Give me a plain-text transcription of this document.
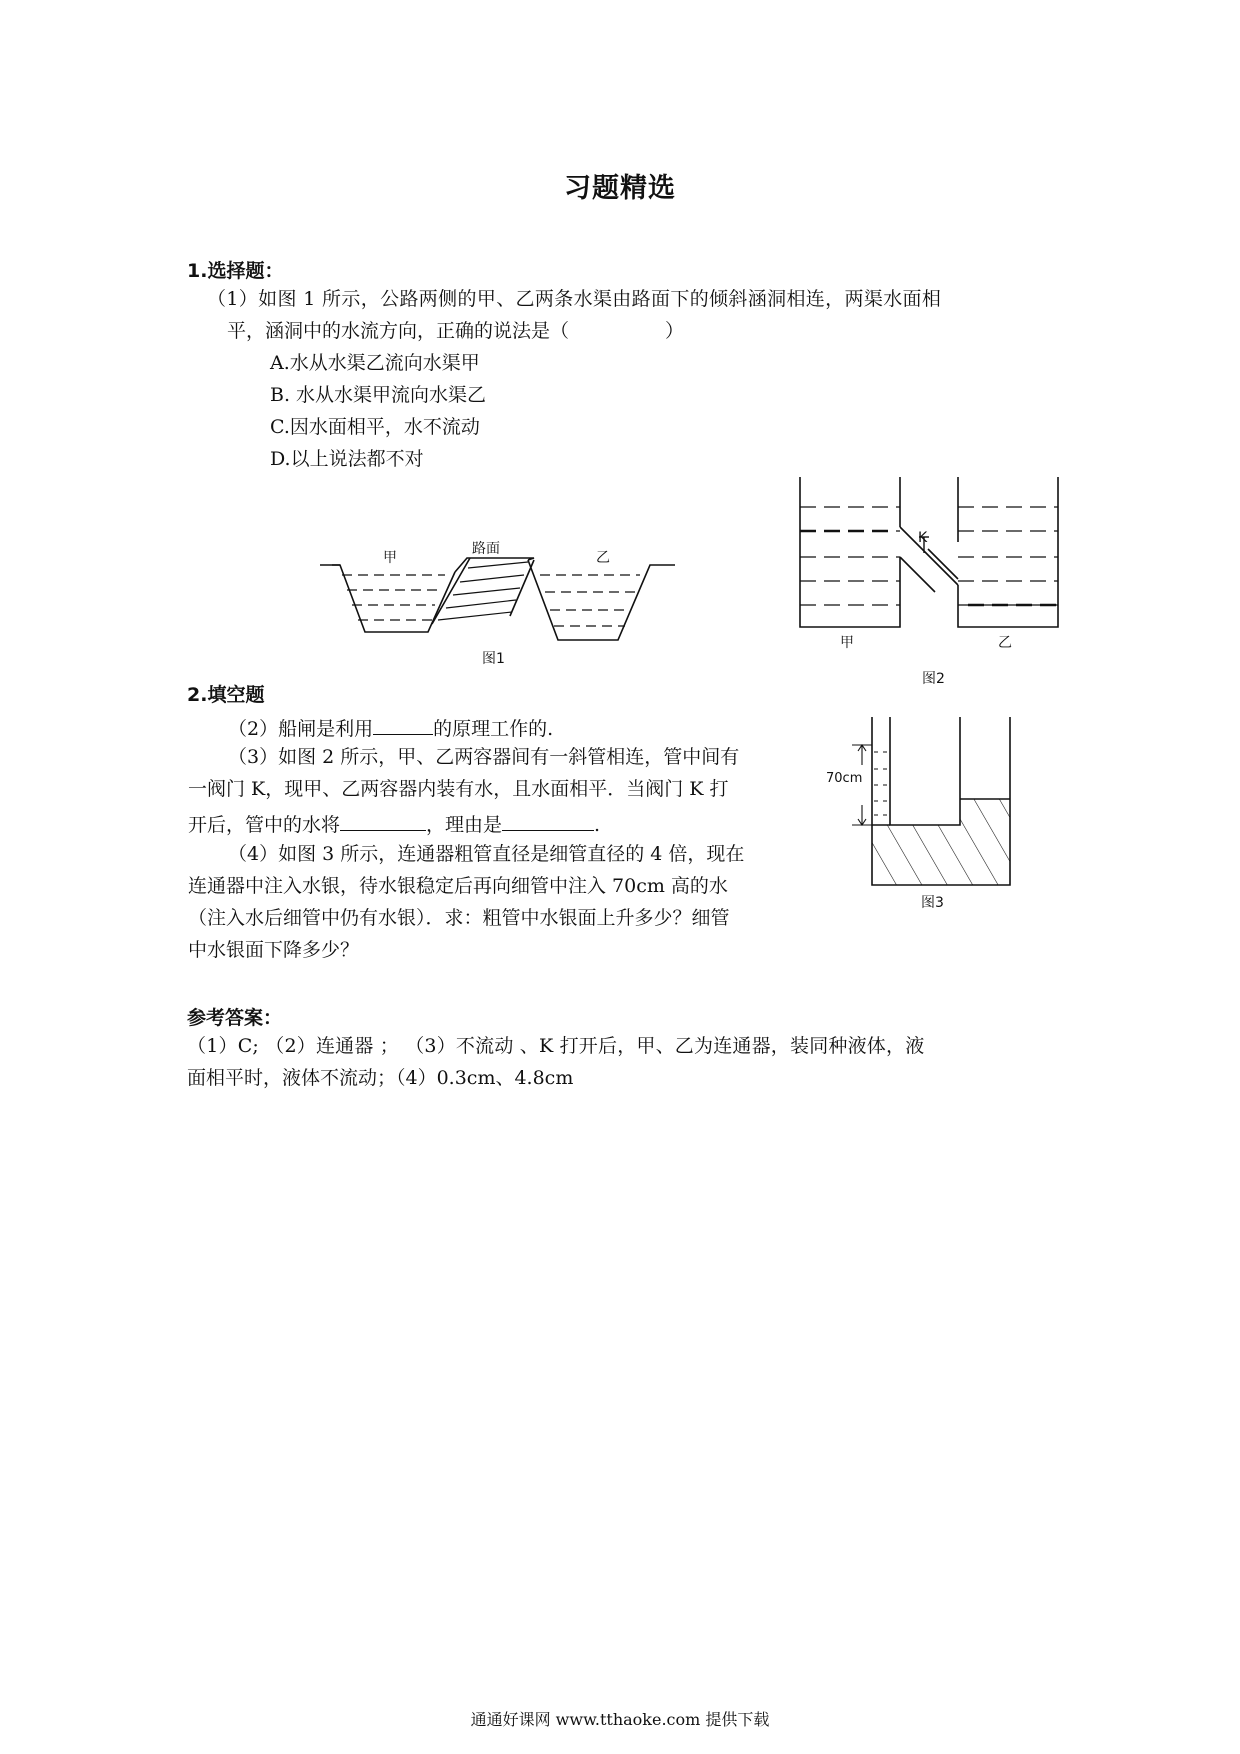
习题精选
1.选择题：
（1）如图 1 所示，公路两侧的甲、乙两条水渠由路面下的倾斜涵洞相连，两渠水面相
平，涵洞中的水流方向，正确的说法是（	）
A.水从水渠乙流向水渠甲
B. 水从水渠甲流向水渠乙
C.因水面相平，水不流动
D.以上说法都不对
甲
路面
乙
图1
K
甲	乙
图2
2.填空题
（2）船闸是利用	的原理工作的.
（3）如图 2 所示，甲、乙两容器间有一斜管相连，管中间有
一阀门 K，现甲、乙两容器内装有水，且水面相平．当阀门 K 打
开后，管中的水将	，理由是	.
（4）如图 3 所示，连通器粗管直径是细管直径的 4 倍，现在
连通器中注入水银，待水银稳定后再向细管中注入 70cm 高的水
（注入水后细管中仍有水银）．求：粗管中水银面上升多少？细管
中水银面下降多少？
70cm
图3
参考答案：
（1）C; （2）连通器 ； （3）不流动 、K 打开后，甲、乙为连通器，装同种液体，液
面相平时，液体不流动；（4）0.3cm、4.8cm
通通好课网 www.tthaoke.com 提供下载
